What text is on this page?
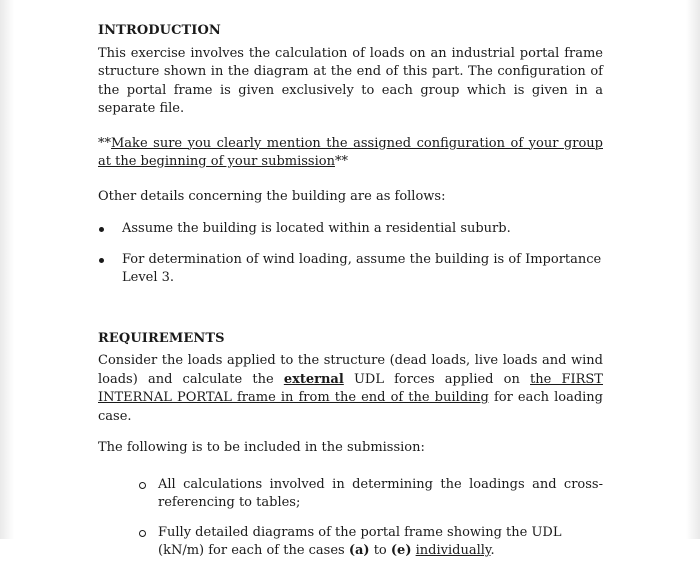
INTRODUCTION

This exercise involves the calculation of loads on an industrial portal frame structure shown in the diagram at the end of this part. The configuration of the portal frame is given exclusively to each group which is given in a separate file.

**Make sure you clearly mention the assigned configuration of your group at the beginning of your submission**

Other details concerning the building are as follows:

Assume the building is located within a residential suburb.
For determination of wind loading, assume the building is of Importance Level 3.
REQUIREMENTS

Consider the loads applied to the structure (dead loads, live loads and wind loads) and calculate the external UDL forces applied on the FIRST INTERNAL PORTAL frame in from the end of the building for each loading case.

The following is to be included in the submission:

All calculations involved in determining the loadings and cross-referencing to tables;
Fully detailed diagrams of the portal frame showing the UDL (kN/m) for each of the cases (a) to (e) individually.
